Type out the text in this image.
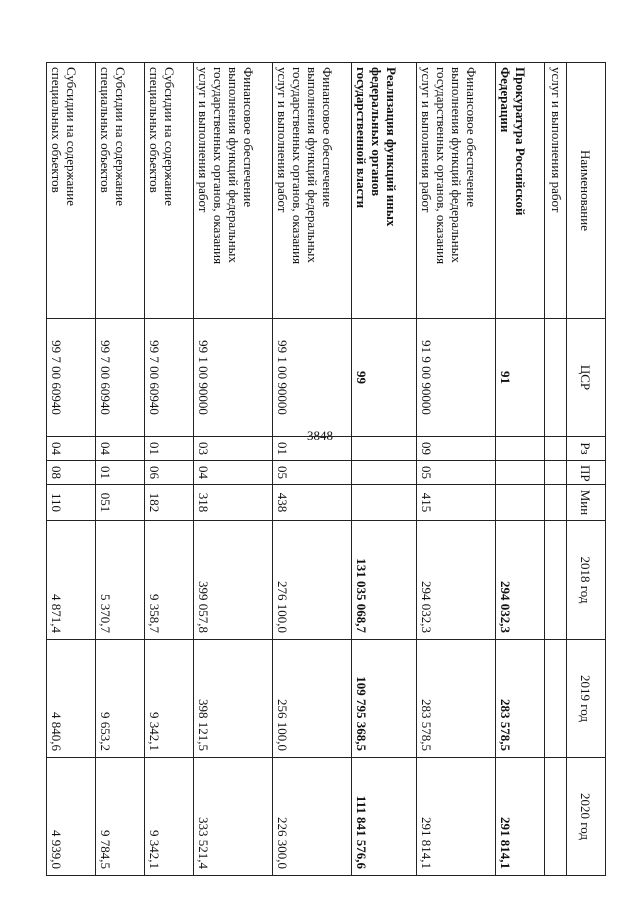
3848
Наименование	ЦСР	Рз	ПР	Мин	2018 год	2019 год	2020 год
услуг и выполнения работ							

Прокуратура Российской
Федерации	91				294 032,3	283 578,5	291 814,1

Финансовое обеспечение
выполнения функций федеральных
государственных органов, оказания
услуг и выполнения работ	91 9 00 90000	09	05	415	294 032,3	283 578,5	291 814,1

Реализация функций иных
федеральных органов
государственной власти	99				131 035 068,7	109 795 368,5	111 841 576,6

Финансовое обеспечение
выполнения функций федеральных
государственных органов, оказания
услуг и выполнения работ	99 1 00 90000	01	05	438	276 100,0	256 100,0	226 300,0

Финансовое обеспечение
выполнения функций федеральных
государственных органов, оказания
услуг и выполнения работ	99 1 00 90000	03	04	318	399 057,8	398 121,5	333 521,4

Субсидии на содержание
специальных объектов	99 7 00 60940	01	06	182	9 358,7	9 342,1	9 342,1

Субсидии на содержание
специальных объектов	99 7 00 60940	04	01	051	5 370,7	9 653,2	9 784,5

Субсидии на содержание
специальных объектов	99 7 00 60940	04	08	110	4 871,4	4 840,6	4 939,0
